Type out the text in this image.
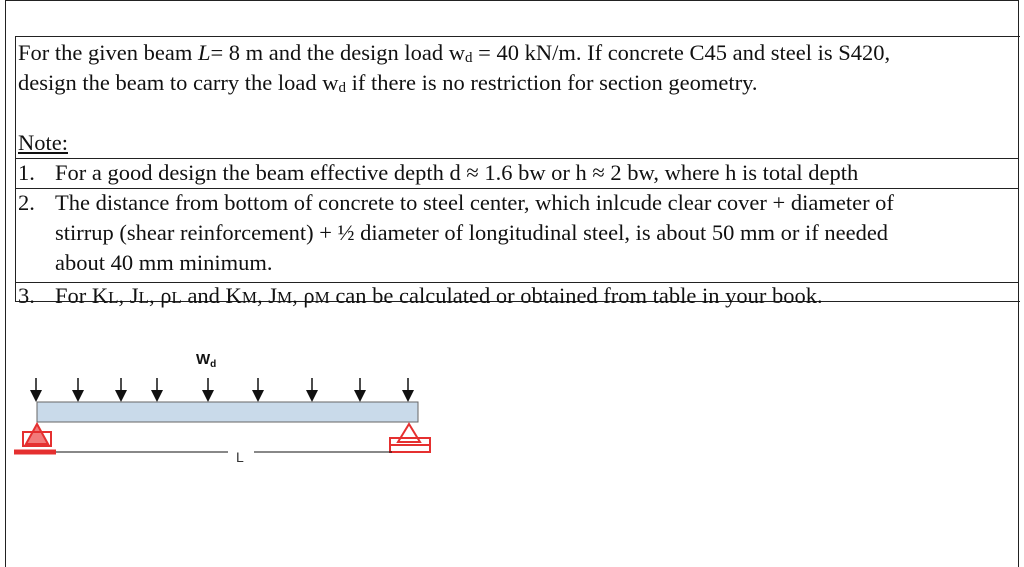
For the given beam L= 8 m and the design load $w_d = 40$ kN/m. If concrete C45 and steel is S420,
design the beam to carry the load $w_d$ if there is no restriction for section geometry.
Note:
1. For a good design the beam effective depth d ≈ 1.6 bw or h ≈ 2 bw, where h is total depth
2. The distance from bottom of concrete to steel center, which inlcude clear cover + diameter of
stirrup (shear reinforcement) + ½ diameter of longitudinal steel, is about 50 mm or if needed
about 40 mm minimum.
3. For KL, JL, ρL and KM, JM, ρM can be calculated or obtained from table in your book.
$W_d$
L
